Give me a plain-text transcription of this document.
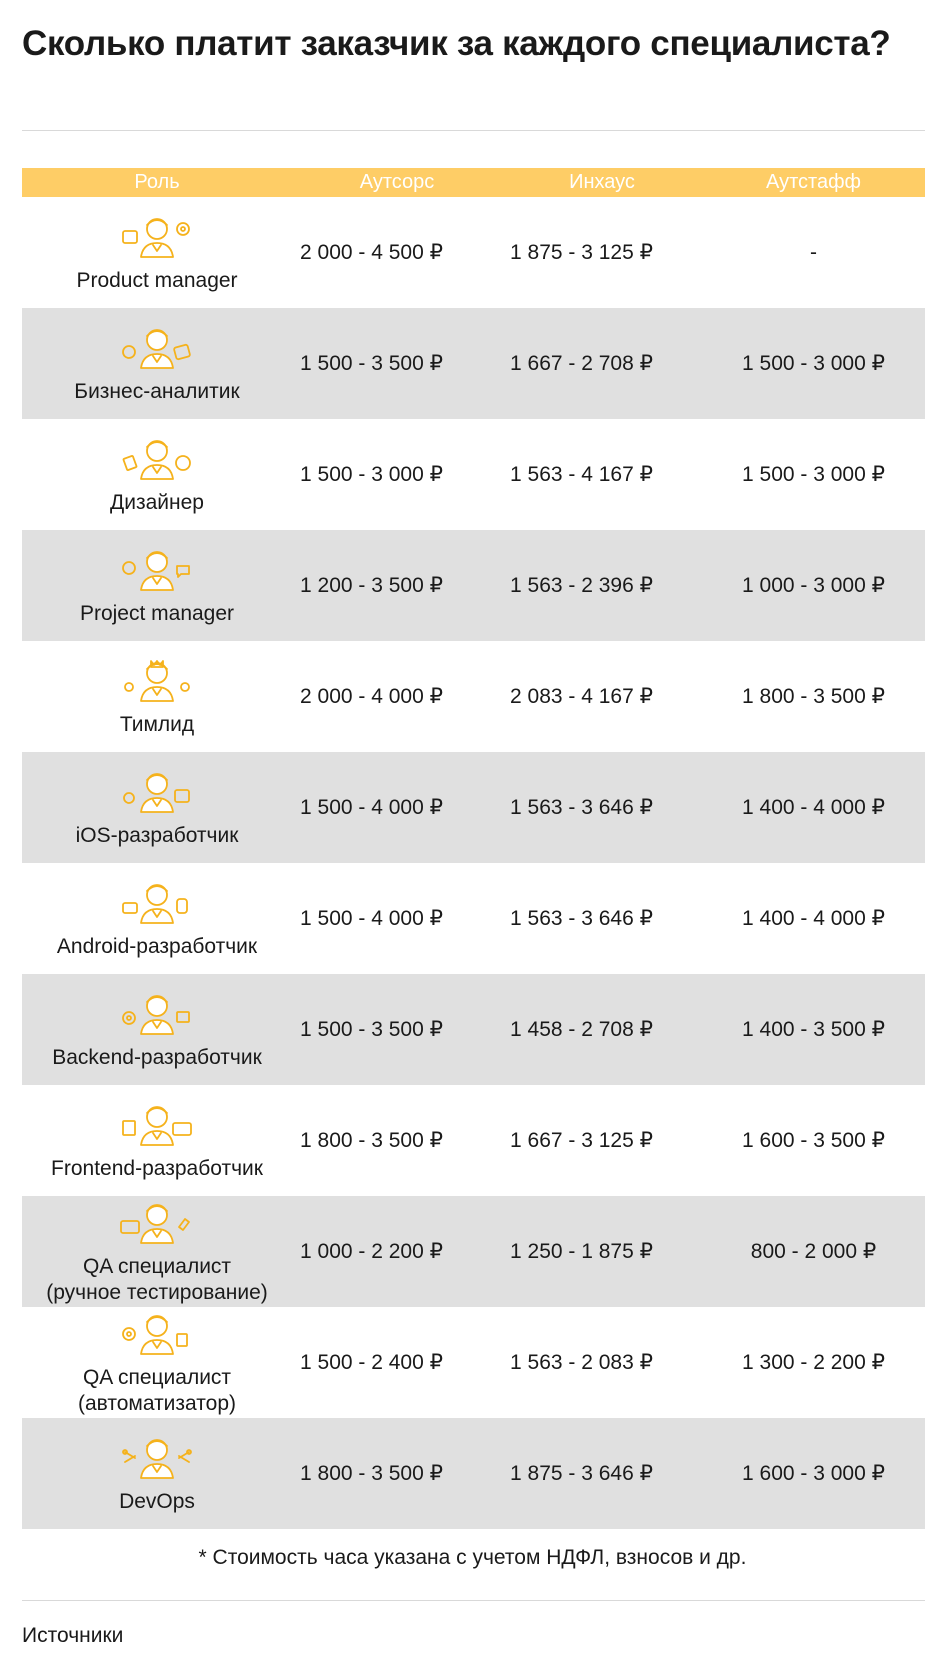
Сколько платит заказчик за каждого специалиста?
Роль	Аутсорс	Инхаус	Аутстафф
Product manager
2 000 - 4 500 ₽	1 875 - 3 125 ₽	-
Бизнес-аналитик
1 500 - 3 500 ₽	1 667 - 2 708 ₽	1 500 - 3 000 ₽
Дизайнер
1 500 - 3 000 ₽	1 563 - 4 167 ₽	1 500 - 3 000 ₽
Project manager
1 200 - 3 500 ₽	1 563 - 2 396 ₽	1 000 - 3 000 ₽
Тимлид
2 000 - 4 000 ₽	2 083 - 4 167 ₽	1 800 - 3 500 ₽
iOS-разработчик
1 500 - 4 000 ₽	1 563 - 3 646 ₽	1 400 - 4 000 ₽
Android-разработчик
1 500 - 4 000 ₽	1 563 - 3 646 ₽	1 400 - 4 000 ₽
Backend-разработчик
1 500 - 3 500 ₽	1 458 - 2 708 ₽	1 400 - 3 500 ₽
Frontend-разработчик
1 800 - 3 500 ₽	1 667 - 3 125 ₽	1 600 - 3 500 ₽
QA специалист
(ручное тестирование)
1 000 - 2 200 ₽	1 250 - 1 875 ₽	800 - 2 000 ₽
QA специалист
(автоматизатор)
1 500 - 2 400 ₽	1 563 - 2 083 ₽	1 300 - 2 200 ₽
DevOps
1 800 - 3 500 ₽	1 875 - 3 646 ₽	1 600 - 3 000 ₽
* Стоимость часа указана с учетом НДФЛ, взносов и др.
Источники
